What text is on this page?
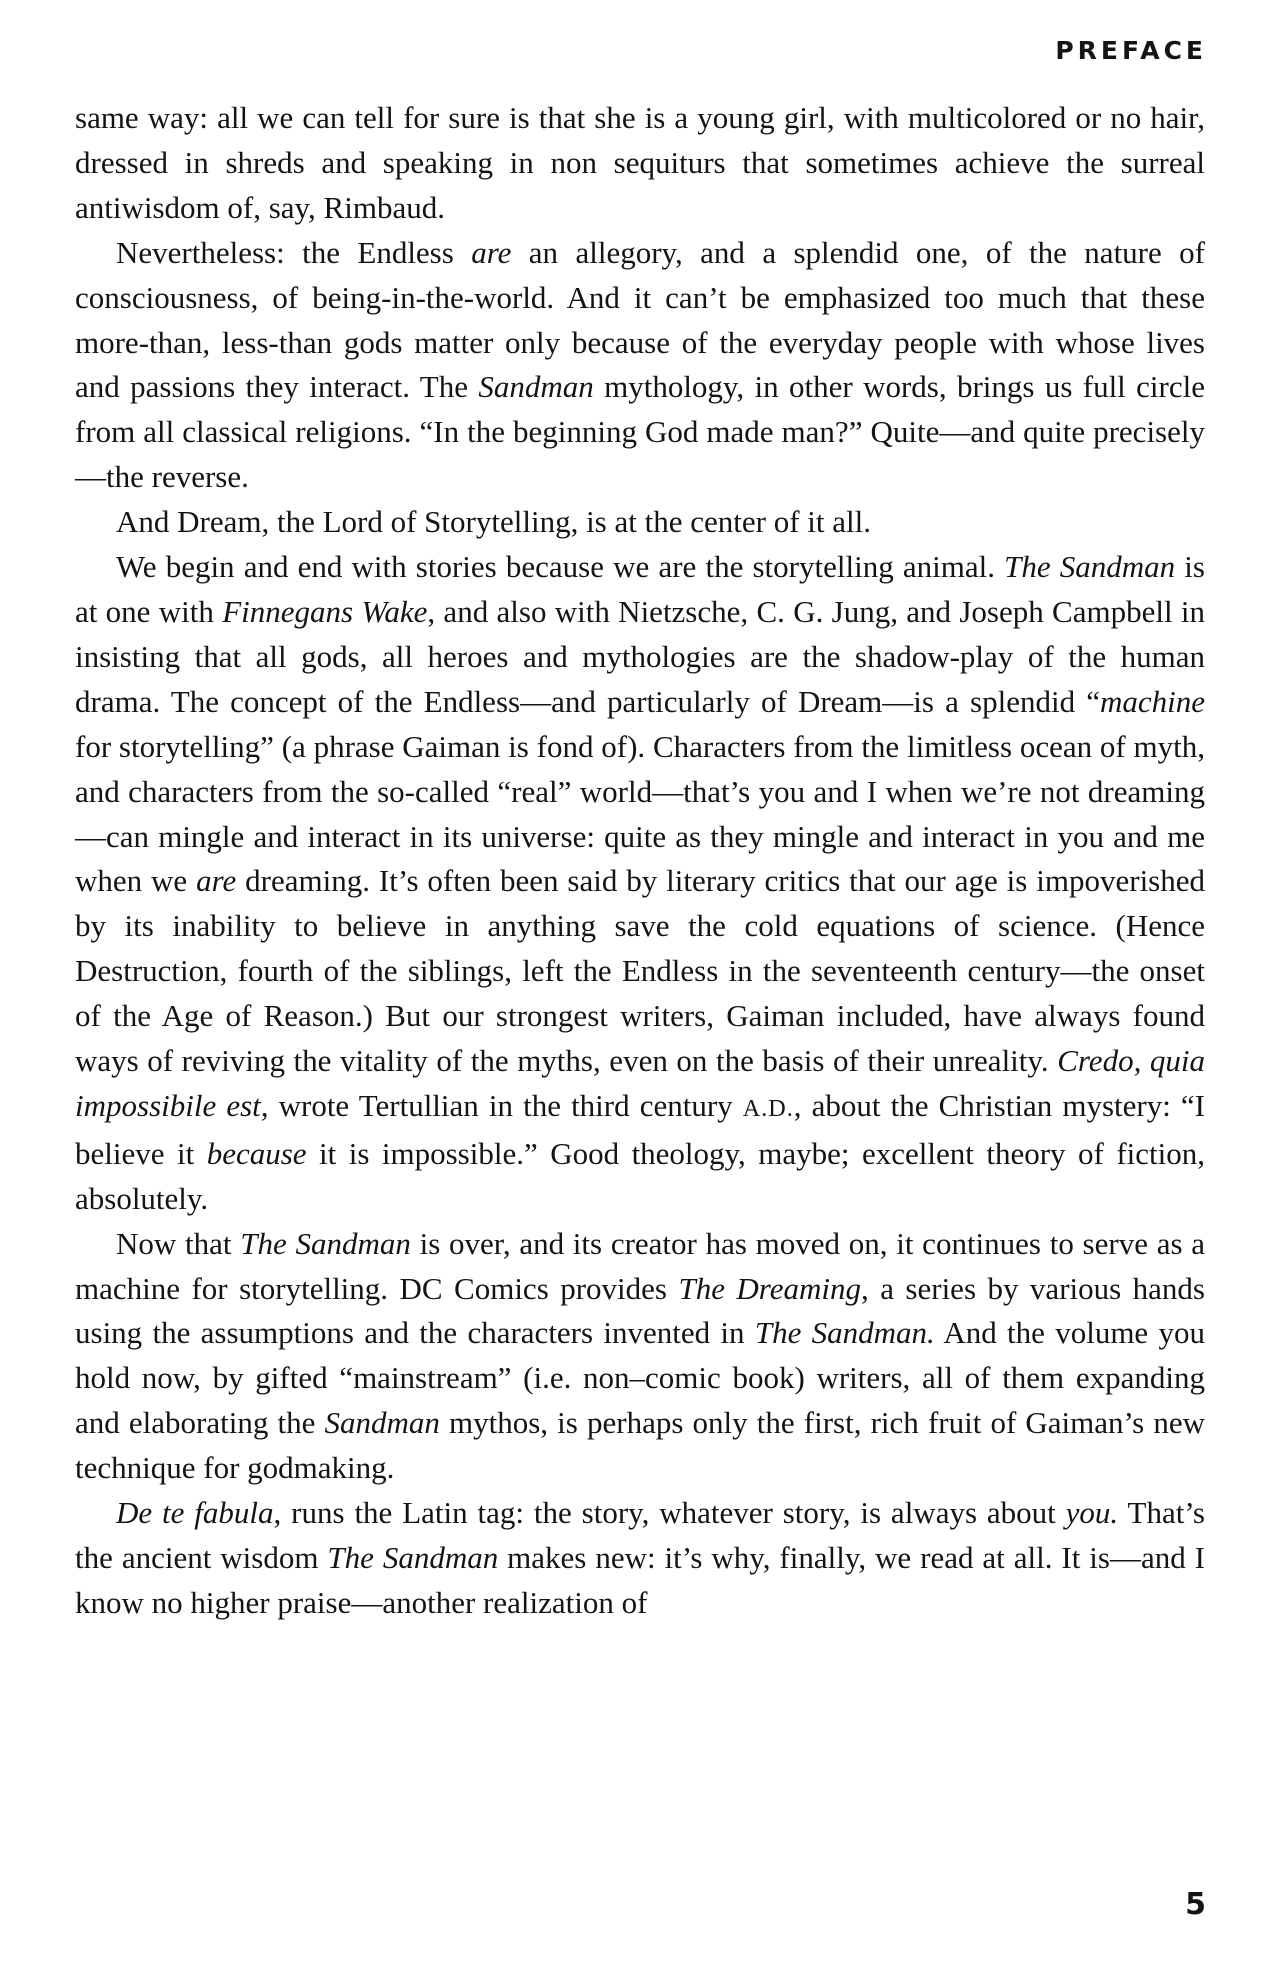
PREFACE

same way: all we can tell for sure is that she is a young girl, with multicolored or no hair, dressed in shreds and speaking in non sequiturs that sometimes achieve the surreal antiwisdom of, say, Rimbaud.

Nevertheless: the Endless are an allegory, and a splendid one, of the nature of consciousness, of being-in-the-world. And it can’t be emphasized too much that these more-than, less-than gods matter only because of the everyday people with whose lives and passions they interact. The Sandman mythology, in other words, brings us full circle from all classical religions. “In the beginning God made man?” Quite—and quite precisely—the reverse.

And Dream, the Lord of Storytelling, is at the center of it all.

We begin and end with stories because we are the storytelling animal. The Sandman is at one with Finnegans Wake, and also with Nietzsche, C. G. Jung, and Joseph Campbell in insisting that all gods, all heroes and mythologies are the shadow-play of the human drama. The concept of the Endless—and particularly of Dream—is a splendid “machine for storytelling” (a phrase Gaiman is fond of). Characters from the limitless ocean of myth, and characters from the so-called “real” world—that’s you and I when we’re not dreaming—can mingle and interact in its universe: quite as they mingle and interact in you and me when we are dreaming. It’s often been said by literary critics that our age is impoverished by its inability to believe in anything save the cold equations of science. (Hence Destruction, fourth of the siblings, left the Endless in the seventeenth century—the onset of the Age of Reason.) But our strongest writers, Gaiman included, have always found ways of reviving the vitality of the myths, even on the basis of their unreality. Credo, quia impossibile est, wrote Tertullian in the third century A.D., about the Christian mystery: “I believe it because it is impossible.” Good theology, maybe; excellent theory of fiction, absolutely.

Now that The Sandman is over, and its creator has moved on, it continues to serve as a machine for storytelling. DC Comics provides The Dreaming, a series by various hands using the assumptions and the characters invented in The Sandman. And the volume you hold now, by gifted “mainstream” (i.e. non–comic book) writers, all of them expanding and elaborating the Sandman mythos, is perhaps only the first, rich fruit of Gaiman’s new technique for godmaking.

De te fabula, runs the Latin tag: the story, whatever story, is always about you. That’s the ancient wisdom The Sandman makes new: it’s why, finally, we read at all. It is—and I know no higher praise—another realization of

5
